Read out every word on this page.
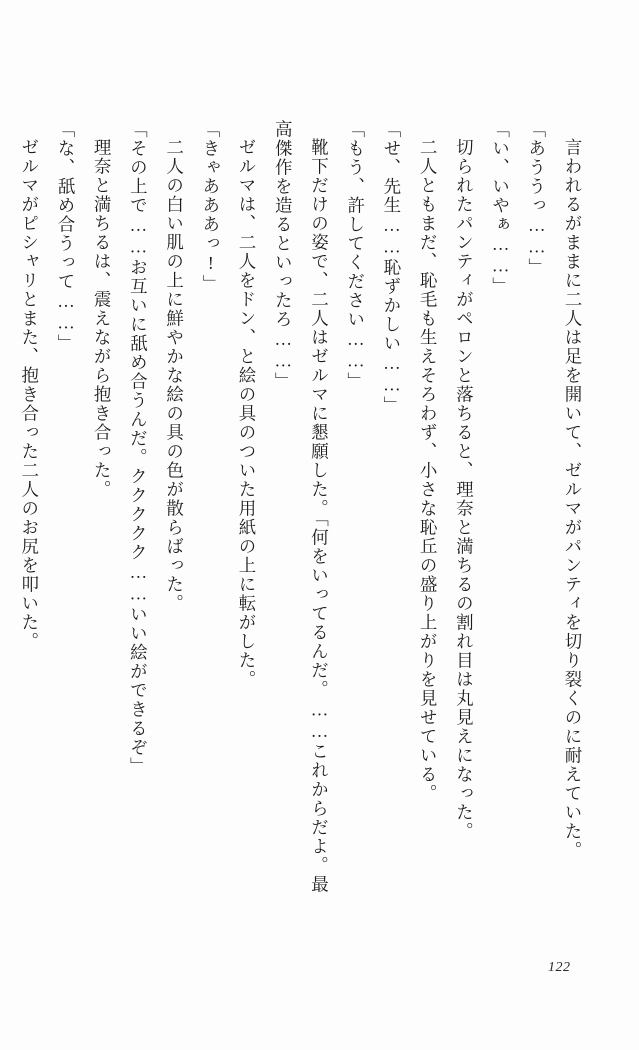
言われるがままに二人は足を開いて、ゼルマがパンティを切り裂くのに耐えていた。

「あううっ……」

「い、いやぁ……」

切られたパンティがペロンと落ちると、理奈と満ちるの割れ目は丸見えになった。

二人ともまだ、恥毛も生えそろわず、小さな恥丘の盛り上がりを見せている。

「せ、先生……恥ずかしい……」

「もう、許してください……」

靴下だけの姿で、二人はゼルマに懇願した。「何をいってるんだ。……これからだよ。最

高傑作を造るといったろ……」

ゼルマは、二人をドン、と絵の具のついた用紙の上に転がした。

「きゃあああっ!」

二人の白い肌の上に鮮やかな絵の具の色が散らばった。

「その上で……お互いに舐め合うんだ。ククククク……いい絵ができるぞ」

理奈と満ちるは、震えながら抱き合った。

「な、舐め合うって……」

ゼルマがピシャリとまた、抱き合った二人のお尻を叩いた。

122
